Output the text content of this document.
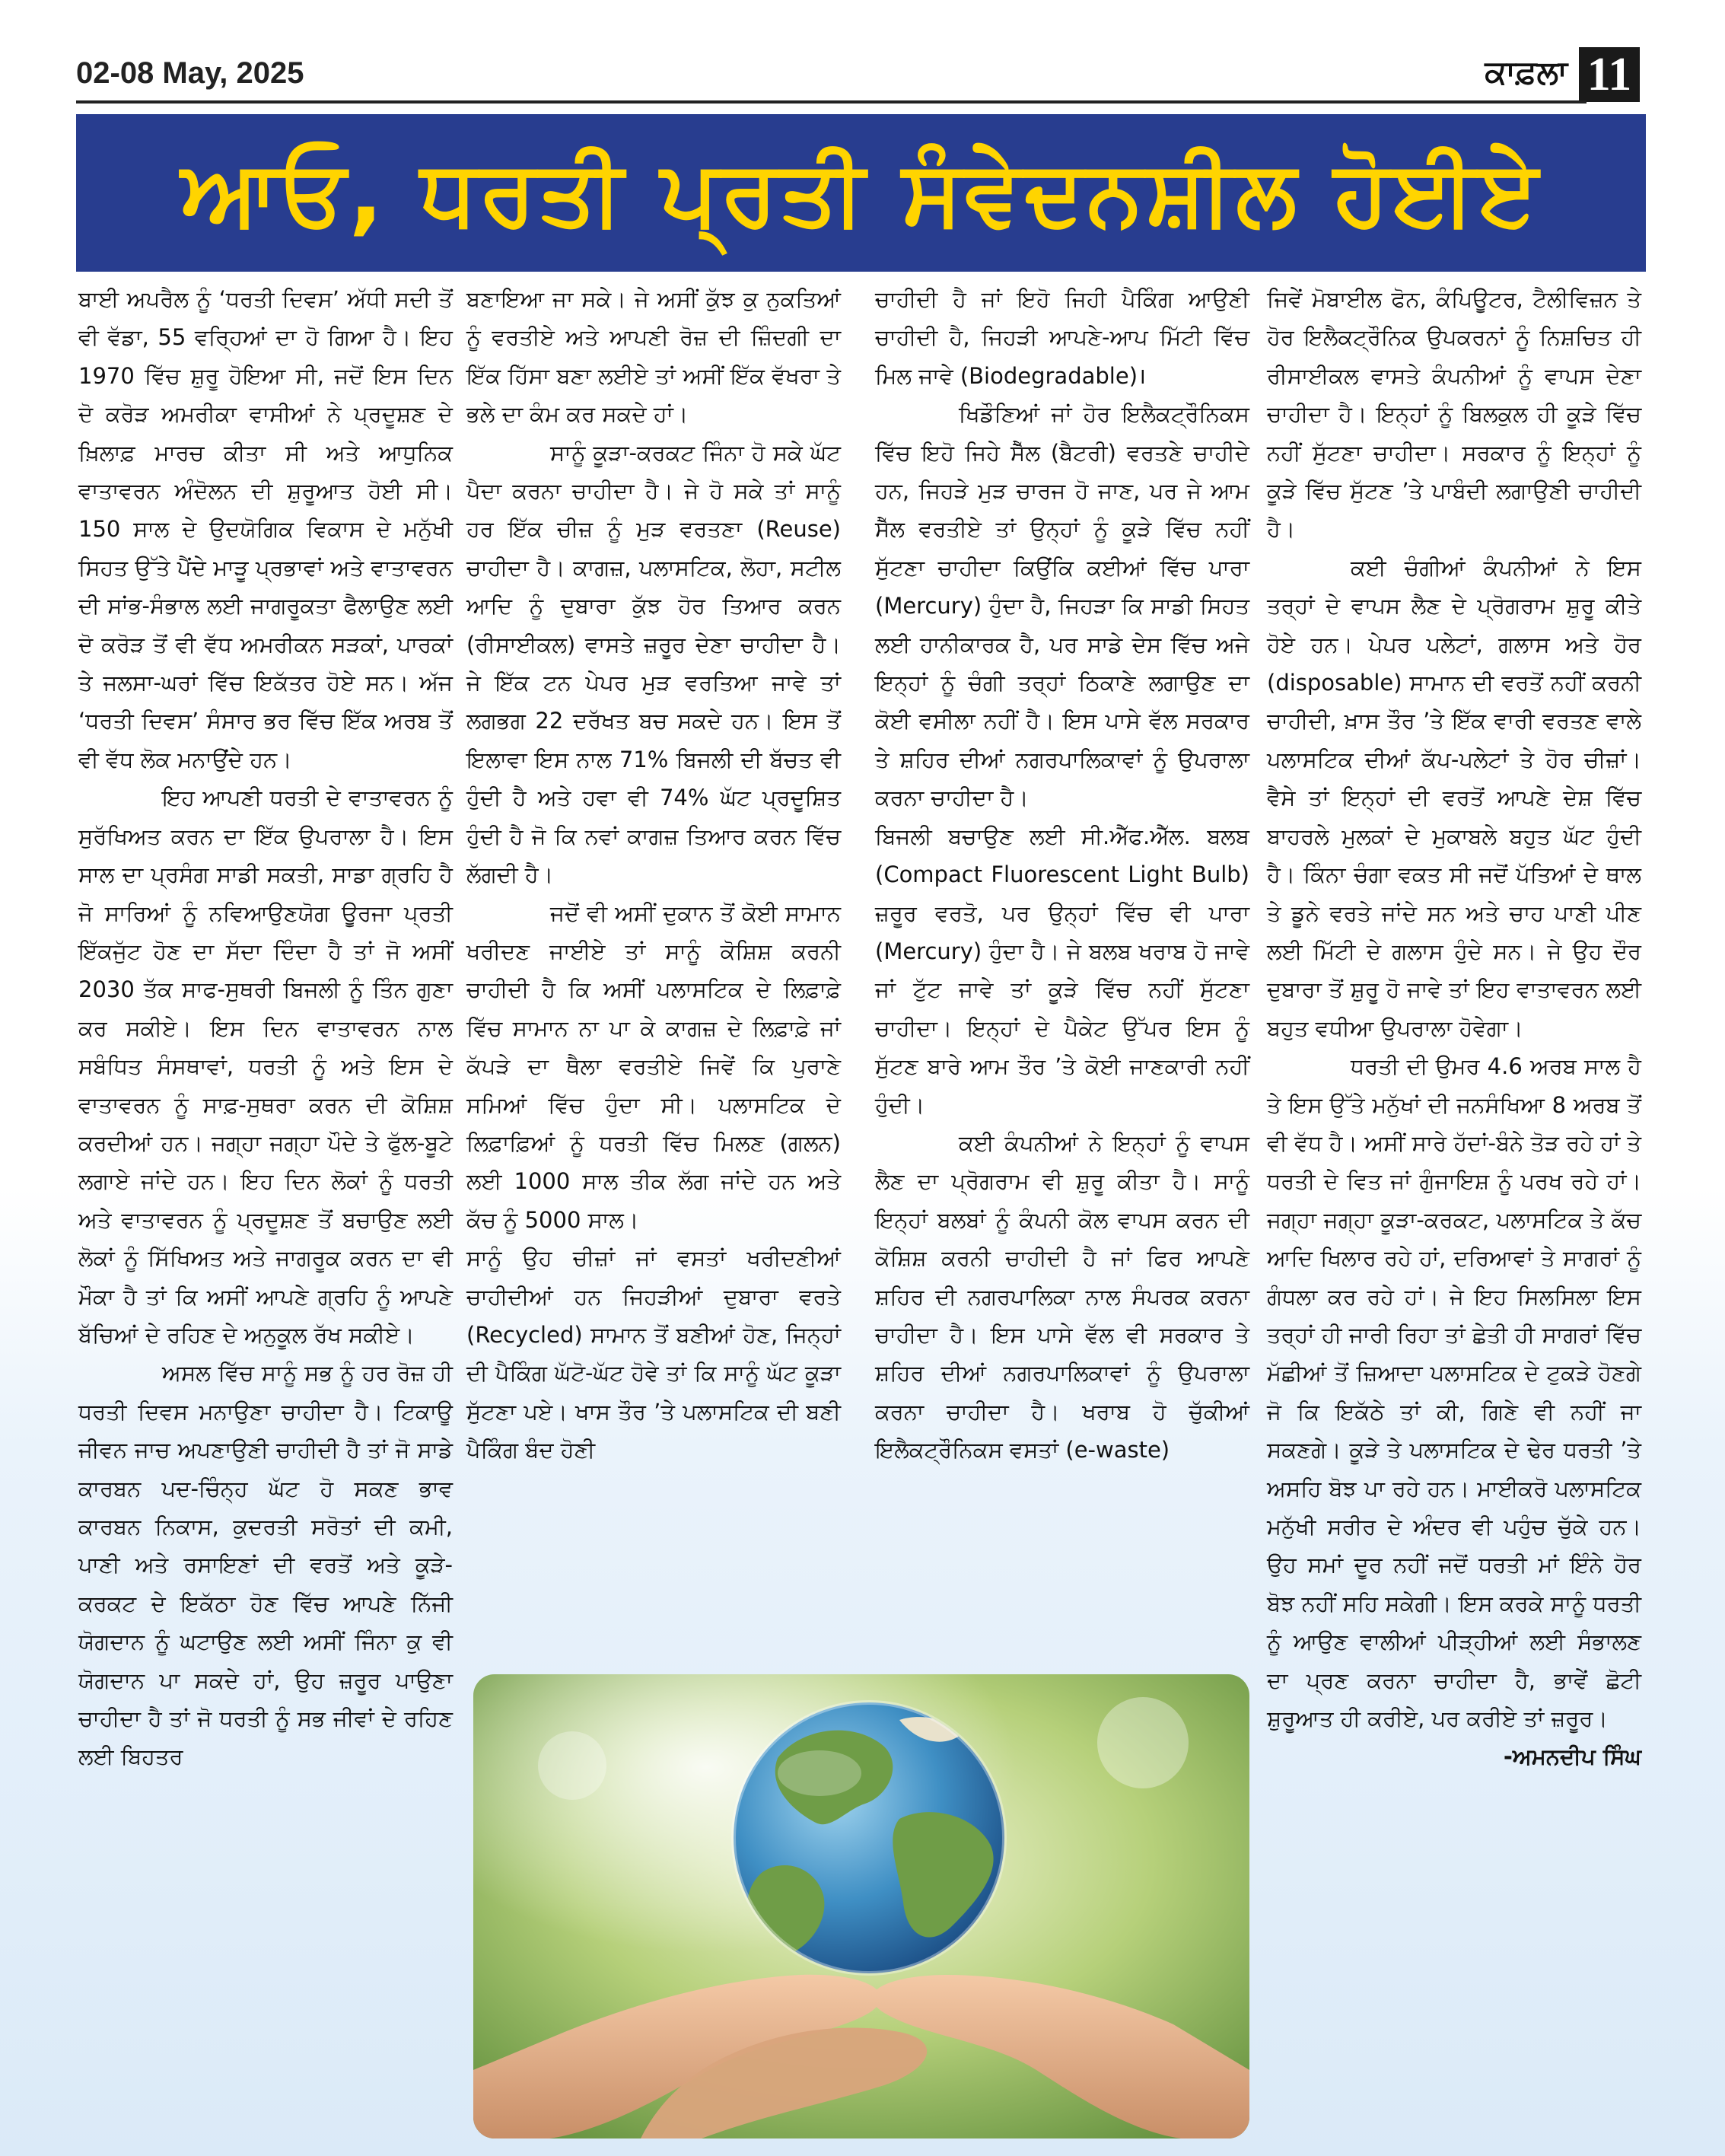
02-08 May, 2025	ਕਾਫ਼ਲਾ 11
ਆਓ, ਧਰਤੀ ਪ੍ਰਤੀ ਸੰਵੇਦਨਸ਼ੀਲ ਹੋਈਏ

ਬਾਈ ਅਪਰੈਲ ਨੂੰ ‘ਧਰਤੀ ਦਿਵਸ’ ਅੱਧੀ ਸਦੀ ਤੋਂ ਵੀ ਵੱਡਾ, 55 ਵਰ੍ਹਿਆਂ ਦਾ ਹੋ ਗਿਆ ਹੈ। ਇਹ 1970 ਵਿੱਚ ਸ਼ੁਰੂ ਹੋਇਆ ਸੀ, ਜਦੋਂ ਇਸ ਦਿਨ ਦੋ ਕਰੋੜ ਅਮਰੀਕਾ ਵਾਸੀਆਂ ਨੇ ਪ੍ਰਦੂਸ਼ਣ ਦੇ ਖ਼ਿਲਾਫ਼ ਮਾਰਚ ਕੀਤਾ ਸੀ ਅਤੇ ਆਧੁਨਿਕ ਵਾਤਾਵਰਨ ਅੰਦੋਲਨ ਦੀ ਸ਼ੁਰੂਆਤ ਹੋਈ ਸੀ। 150 ਸਾਲ ਦੇ ਉਦਯੋਗਿਕ ਵਿਕਾਸ ਦੇ ਮਨੁੱਖੀ ਸਿਹਤ ਉੱਤੇ ਪੈਂਦੇ ਮਾੜੂ ਪ੍ਰਭਾਵਾਂ ਅਤੇ ਵਾਤਾਵਰਨ ਦੀ ਸਾਂਭ-ਸੰਭਾਲ ਲਈ ਜਾਗਰੂਕਤਾ ਫੈਲਾਉਣ ਲਈ ਦੋ ਕਰੋੜ ਤੋਂ ਵੀ ਵੱਧ ਅਮਰੀਕਨ ਸੜਕਾਂ, ਪਾਰਕਾਂ ਤੇ ਜਲਸਾ-ਘਰਾਂ ਵਿੱਚ ਇਕੱਤਰ ਹੋਏ ਸਨ। ਅੱਜ ‘ਧਰਤੀ ਦਿਵਸ’ ਸੰਸਾਰ ਭਰ ਵਿੱਚ ਇੱਕ ਅਰਬ ਤੋਂ ਵੀ ਵੱਧ ਲੋਕ ਮਨਾਉਂਦੇ ਹਨ।

ਇਹ ਆਪਣੀ ਧਰਤੀ ਦੇ ਵਾਤਾਵਰਨ ਨੂੰ ਸੁਰੱਖਿਅਤ ਕਰਨ ਦਾ ਇੱਕ ਉਪਰਾਲਾ ਹੈ। ਇਸ ਸਾਲ ਦਾ ਪ੍ਰਸੰਗ ਸਾਡੀ ਸਕਤੀ, ਸਾਡਾ ਗ੍ਰਹਿ ਹੈ ਜੋ ਸਾਰਿਆਂ ਨੂੰ ਨਵਿਆਉਣਯੋਗ ਊਰਜਾ ਪ੍ਰਤੀ ਇੱਕਜੁੱਟ ਹੋਣ ਦਾ ਸੱਦਾ ਦਿੰਦਾ ਹੈ ਤਾਂ ਜੋ ਅਸੀਂ 2030 ਤੱਕ ਸਾਫ-ਸੁਥਰੀ ਬਿਜਲੀ ਨੂੰ ਤਿੰਨ ਗੁਣਾ ਕਰ ਸਕੀਏ। ਇਸ ਦਿਨ ਵਾਤਾਵਰਨ ਨਾਲ ਸਬੰਧਿਤ ਸੰਸਥਾਵਾਂ, ਧਰਤੀ ਨੂੰ ਅਤੇ ਇਸ ਦੇ ਵਾਤਾਵਰਨ ਨੂੰ ਸਾਫ਼-ਸੁਥਰਾ ਕਰਨ ਦੀ ਕੋਸ਼ਿਸ਼ ਕਰਦੀਆਂ ਹਨ। ਜਗ੍ਹਾ ਜਗ੍ਹਾ ਪੌਦੇ ਤੇ ਫੁੱਲ-ਬੂਟੇ ਲਗਾਏ ਜਾਂਦੇ ਹਨ। ਇਹ ਦਿਨ ਲੋਕਾਂ ਨੂੰ ਧਰਤੀ ਅਤੇ ਵਾਤਾਵਰਨ ਨੂੰ ਪ੍ਰਦੂਸ਼ਣ ਤੋਂ ਬਚਾਉਣ ਲਈ ਲੋਕਾਂ ਨੂੰ ਸਿੱਖਿਅਤ ਅਤੇ ਜਾਗਰੂਕ ਕਰਨ ਦਾ ਵੀ ਮੌਕਾ ਹੈ ਤਾਂ ਕਿ ਅਸੀਂ ਆਪਣੇ ਗ੍ਰਹਿ ਨੂੰ ਆਪਣੇ ਬੱਚਿਆਂ ਦੇ ਰਹਿਣ ਦੇ ਅਨੁਕੂਲ ਰੱਖ ਸਕੀਏ।

ਅਸਲ ਵਿੱਚ ਸਾਨੂੰ ਸਭ ਨੂੰ ਹਰ ਰੋਜ਼ ਹੀ ਧਰਤੀ ਦਿਵਸ ਮਨਾਉਣਾ ਚਾਹੀਦਾ ਹੈ। ਟਿਕਾਊ ਜੀਵਨ ਜਾਚ ਅਪਣਾਉਣੀ ਚਾਹੀਦੀ ਹੈ ਤਾਂ ਜੋ ਸਾਡੇ ਕਾਰਬਨ ਪਦ-ਚਿੰਨ੍ਹ ਘੱਟ ਹੋ ਸਕਣ ਭਾਵ ਕਾਰਬਨ ਨਿਕਾਸ, ਕੁਦਰਤੀ ਸਰੋਤਾਂ ਦੀ ਕਮੀ, ਪਾਣੀ ਅਤੇ ਰਸਾਇਣਾਂ ਦੀ ਵਰਤੋਂ ਅਤੇ ਕੂੜੇ-ਕਰਕਟ ਦੇ ਇਕੱਠਾ ਹੋਣ ਵਿੱਚ ਆਪਣੇ ਨਿੱਜੀ ਯੋਗਦਾਨ ਨੂੰ ਘਟਾਉਣ ਲਈ ਅਸੀਂ ਜਿੰਨਾ ਕੁ ਵੀ ਯੋਗਦਾਨ ਪਾ ਸਕਦੇ ਹਾਂ, ਉਹ ਜ਼ਰੂਰ ਪਾਉਣਾ ਚਾਹੀਦਾ ਹੈ ਤਾਂ ਜੋ ਧਰਤੀ ਨੂੰ ਸਭ ਜੀਵਾਂ ਦੇ ਰਹਿਣ ਲਈ ਬਿਹਤਰ

ਬਣਾਇਆ ਜਾ ਸਕੇ। ਜੇ ਅਸੀਂ ਕੁੱਝ ਕੁ ਨੁਕਤਿਆਂ ਨੂੰ ਵਰਤੀਏ ਅਤੇ ਆਪਣੀ ਰੋਜ਼ ਦੀ ਜ਼ਿੰਦਗੀ ਦਾ ਇੱਕ ਹਿੱਸਾ ਬਣਾ ਲਈਏ ਤਾਂ ਅਸੀਂ ਇੱਕ ਵੱਖਰਾ ਤੇ ਭਲੇ ਦਾ ਕੰਮ ਕਰ ਸਕਦੇ ਹਾਂ।

ਸਾਨੂੰ ਕੂੜਾ-ਕਰਕਟ ਜਿੰਨਾ ਹੋ ਸਕੇ ਘੱਟ ਪੈਦਾ ਕਰਨਾ ਚਾਹੀਦਾ ਹੈ। ਜੇ ਹੋ ਸਕੇ ਤਾਂ ਸਾਨੂੰ ਹਰ ਇੱਕ ਚੀਜ਼ ਨੂੰ ਮੁੜ ਵਰਤਣਾ (Reuse) ਚਾਹੀਦਾ ਹੈ। ਕਾਗਜ਼, ਪਲਾਸਟਿਕ, ਲੋਹਾ, ਸਟੀਲ ਆਦਿ ਨੂੰ ਦੁਬਾਰਾ ਕੁੱਝ ਹੋਰ ਤਿਆਰ ਕਰਨ (ਰੀਸਾਈਕਲ) ਵਾਸਤੇ ਜ਼ਰੂਰ ਦੇਣਾ ਚਾਹੀਦਾ ਹੈ। ਜੇ ਇੱਕ ਟਨ ਪੇਪਰ ਮੁੜ ਵਰਤਿਆ ਜਾਵੇ ਤਾਂ ਲਗਭਗ 22 ਦਰੱਖਤ ਬਚ ਸਕਦੇ ਹਨ। ਇਸ ਤੋਂ ਇਲਾਵਾ ਇਸ ਨਾਲ 71% ਬਿਜਲੀ ਦੀ ਬੱਚਤ ਵੀ ਹੁੰਦੀ ਹੈ ਅਤੇ ਹਵਾ ਵੀ 74% ਘੱਟ ਪ੍ਰਦੂਸ਼ਿਤ ਹੁੰਦੀ ਹੈ ਜੋ ਕਿ ਨਵਾਂ ਕਾਗਜ਼ ਤਿਆਰ ਕਰਨ ਵਿੱਚ ਲੱਗਦੀ ਹੈ।

ਜਦੋਂ ਵੀ ਅਸੀਂ ਦੁਕਾਨ ਤੋਂ ਕੋਈ ਸਾਮਾਨ ਖਰੀਦਣ ਜਾਈਏ ਤਾਂ ਸਾਨੂੰ ਕੋਸ਼ਿਸ਼ ਕਰਨੀ ਚਾਹੀਦੀ ਹੈ ਕਿ ਅਸੀਂ ਪਲਾਸਟਿਕ ਦੇ ਲਿਫ਼ਾਫ਼ੇ ਵਿੱਚ ਸਾਮਾਨ ਨਾ ਪਾ ਕੇ ਕਾਗਜ਼ ਦੇ ਲਿਫ਼ਾਫ਼ੇ ਜਾਂ ਕੱਪੜੇ ਦਾ ਥੈਲਾ ਵਰਤੀਏ ਜਿਵੇਂ ਕਿ ਪੁਰਾਣੇ ਸਮਿਆਂ ਵਿੱਚ ਹੁੰਦਾ ਸੀ। ਪਲਾਸਟਿਕ ਦੇ ਲਿਫ਼ਾਫ਼ਿਆਂ ਨੂੰ ਧਰਤੀ ਵਿੱਚ ਮਿਲਣ (ਗਲਨ) ਲਈ 1000 ਸਾਲ ਤੀਕ ਲੱਗ ਜਾਂਦੇ ਹਨ ਅਤੇ ਕੱਚ ਨੂੰ 5000 ਸਾਲ।

ਸਾਨੂੰ ਉਹ ਚੀਜ਼ਾਂ ਜਾਂ ਵਸਤਾਂ ਖਰੀਦਣੀਆਂ ਚਾਹੀਦੀਆਂ ਹਨ ਜਿਹੜੀਆਂ ਦੁਬਾਰਾ ਵਰਤੇ (Recycled) ਸਾਮਾਨ ਤੋਂ ਬਣੀਆਂ ਹੋਣ, ਜਿਨ੍ਹਾਂ ਦੀ ਪੈਕਿੰਗ ਘੱਟੋ-ਘੱਟ ਹੋਵੇ ਤਾਂ ਕਿ ਸਾਨੂੰ ਘੱਟ ਕੂੜਾ ਸੁੱਟਣਾ ਪਏ। ਖਾਸ ਤੌਰ ’ਤੇ ਪਲਾਸਟਿਕ ਦੀ ਬਣੀ ਪੈਕਿੰਗ ਬੰਦ ਹੋਣੀ

ਚਾਹੀਦੀ ਹੈ ਜਾਂ ਇਹੋ ਜਿਹੀ ਪੈਕਿੰਗ ਆਉਣੀ ਚਾਹੀਦੀ ਹੈ, ਜਿਹੜੀ ਆਪਣੇ-ਆਪ ਮਿੱਟੀ ਵਿੱਚ ਮਿਲ ਜਾਵੇ (Biodegradable)।

ਖਿਡੌਣਿਆਂ ਜਾਂ ਹੋਰ ਇਲੈਕਟ੍ਰੌਨਿਕਸ ਵਿੱਚ ਇਹੋ ਜਿਹੇ ਸੈੱਲ (ਬੈਟਰੀ) ਵਰਤਣੇ ਚਾਹੀਦੇ ਹਨ, ਜਿਹੜੇ ਮੁੜ ਚਾਰਜ ਹੋ ਜਾਣ, ਪਰ ਜੇ ਆਮ ਸੈੱਲ ਵਰਤੀਏ ਤਾਂ ਉਨ੍ਹਾਂ ਨੂੰ ਕੂੜੇ ਵਿੱਚ ਨਹੀਂ ਸੁੱਟਣਾ ਚਾਹੀਦਾ ਕਿਉਂਕਿ ਕਈਆਂ ਵਿੱਚ ਪਾਰਾ (Mercury) ਹੁੰਦਾ ਹੈ, ਜਿਹੜਾ ਕਿ ਸਾਡੀ ਸਿਹਤ ਲਈ ਹਾਨੀਕਾਰਕ ਹੈ, ਪਰ ਸਾਡੇ ਦੇਸ ਵਿੱਚ ਅਜੇ ਇਨ੍ਹਾਂ ਨੂੰ ਚੰਗੀ ਤਰ੍ਹਾਂ ਠਿਕਾਣੇ ਲਗਾਉਣ ਦਾ ਕੋਈ ਵਸੀਲਾ ਨਹੀਂ ਹੈ। ਇਸ ਪਾਸੇ ਵੱਲ ਸਰਕਾਰ ਤੇ ਸ਼ਹਿਰ ਦੀਆਂ ਨਗਰਪਾਲਿਕਾਵਾਂ ਨੂੰ ਉਪਰਾਲਾ ਕਰਨਾ ਚਾਹੀਦਾ ਹੈ।

ਬਿਜਲੀ ਬਚਾਉਣ ਲਈ ਸੀ.ਐੱਫ.ਐੱਲ. ਬਲਬ (Compact Fluorescent Light Bulb) ਜ਼ਰੂਰ ਵਰਤੋ, ਪਰ ਉਨ੍ਹਾਂ ਵਿੱਚ ਵੀ ਪਾਰਾ (Mercury) ਹੁੰਦਾ ਹੈ। ਜੇ ਬਲਬ ਖਰਾਬ ਹੋ ਜਾਵੇ ਜਾਂ ਟੁੱਟ ਜਾਵੇ ਤਾਂ ਕੂੜੇ ਵਿੱਚ ਨਹੀਂ ਸੁੱਟਣਾ ਚਾਹੀਦਾ। ਇਨ੍ਹਾਂ ਦੇ ਪੈਕੇਟ ਉੱਪਰ ਇਸ ਨੂੰ ਸੁੱਟਣ ਬਾਰੇ ਆਮ ਤੌਰ ’ਤੇ ਕੋਈ ਜਾਣਕਾਰੀ ਨਹੀਂ ਹੁੰਦੀ।

ਕਈ ਕੰਪਨੀਆਂ ਨੇ ਇਨ੍ਹਾਂ ਨੂੰ ਵਾਪਸ ਲੈਣ ਦਾ ਪ੍ਰੋਗਰਾਮ ਵੀ ਸ਼ੁਰੂ ਕੀਤਾ ਹੈ। ਸਾਨੂੰ ਇਨ੍ਹਾਂ ਬਲਬਾਂ ਨੂੰ ਕੰਪਨੀ ਕੋਲ ਵਾਪਸ ਕਰਨ ਦੀ ਕੋਸ਼ਿਸ਼ ਕਰਨੀ ਚਾਹੀਦੀ ਹੈ ਜਾਂ ਫਿਰ ਆਪਣੇ ਸ਼ਹਿਰ ਦੀ ਨਗਰਪਾਲਿਕਾ ਨਾਲ ਸੰਪਰਕ ਕਰਨਾ ਚਾਹੀਦਾ ਹੈ। ਇਸ ਪਾਸੇ ਵੱਲ ਵੀ ਸਰਕਾਰ ਤੇ ਸ਼ਹਿਰ ਦੀਆਂ ਨਗਰਪਾਲਿਕਾਵਾਂ ਨੂੰ ਉਪਰਾਲਾ ਕਰਨਾ ਚਾਹੀਦਾ ਹੈ। ਖਰਾਬ ਹੋ ਚੁੱਕੀਆਂ ਇਲੈਕਟ੍ਰੌਨਿਕਸ ਵਸਤਾਂ (e-waste)

ਜਿਵੇਂ ਮੋਬਾਈਲ ਫੋਨ, ਕੰਪਿਊਟਰ, ਟੈਲੀਵਿਜ਼ਨ ਤੇ ਹੋਰ ਇਲੈਕਟ੍ਰੌਨਿਕ ਉਪਕਰਨਾਂ ਨੂੰ ਨਿਸ਼ਚਿਤ ਹੀ ਰੀਸਾਈਕਲ ਵਾਸਤੇ ਕੰਪਨੀਆਂ ਨੂੰ ਵਾਪਸ ਦੇਣਾ ਚਾਹੀਦਾ ਹੈ। ਇਨ੍ਹਾਂ ਨੂੰ ਬਿਲਕੁਲ ਹੀ ਕੂੜੇ ਵਿੱਚ ਨਹੀਂ ਸੁੱਟਣਾ ਚਾਹੀਦਾ। ਸਰਕਾਰ ਨੂੰ ਇਨ੍ਹਾਂ ਨੂੰ ਕੂੜੇ ਵਿੱਚ ਸੁੱਟਣ ’ਤੇ ਪਾਬੰਦੀ ਲਗਾਉਣੀ ਚਾਹੀਦੀ ਹੈ।

ਕਈ ਚੰਗੀਆਂ ਕੰਪਨੀਆਂ ਨੇ ਇਸ ਤਰ੍ਹਾਂ ਦੇ ਵਾਪਸ ਲੈਣ ਦੇ ਪ੍ਰੋਗਰਾਮ ਸ਼ੁਰੂ ਕੀਤੇ ਹੋਏ ਹਨ। ਪੇਪਰ ਪਲੇਟਾਂ, ਗਲਾਸ ਅਤੇ ਹੋਰ (disposable) ਸਾਮਾਨ ਦੀ ਵਰਤੋਂ ਨਹੀਂ ਕਰਨੀ ਚਾਹੀਦੀ, ਖ਼ਾਸ ਤੌਰ ’ਤੇ ਇੱਕ ਵਾਰੀ ਵਰਤਣ ਵਾਲੇ ਪਲਾਸਟਿਕ ਦੀਆਂ ਕੱਪ-ਪਲੇਟਾਂ ਤੇ ਹੋਰ ਚੀਜ਼ਾਂ। ਵੈਸੇ ਤਾਂ ਇਨ੍ਹਾਂ ਦੀ ਵਰਤੋਂ ਆਪਣੇ ਦੇਸ਼ ਵਿੱਚ ਬਾਹਰਲੇ ਮੁਲਕਾਂ ਦੇ ਮੁਕਾਬਲੇ ਬਹੁਤ ਘੱਟ ਹੁੰਦੀ ਹੈ। ਕਿੰਨਾ ਚੰਗਾ ਵਕਤ ਸੀ ਜਦੋਂ ਪੱਤਿਆਂ ਦੇ ਥਾਲ ਤੇ ਡੂਨੇ ਵਰਤੇ ਜਾਂਦੇ ਸਨ ਅਤੇ ਚਾਹ ਪਾਣੀ ਪੀਣ ਲਈ ਮਿੱਟੀ ਦੇ ਗਲਾਸ ਹੁੰਦੇ ਸਨ। ਜੇ ਉਹ ਦੌਰ ਦੁਬਾਰਾ ਤੋਂ ਸ਼ੁਰੂ ਹੋ ਜਾਵੇ ਤਾਂ ਇਹ ਵਾਤਾਵਰਨ ਲਈ ਬਹੁਤ ਵਧੀਆ ਉਪਰਾਲਾ ਹੋਵੇਗਾ।

ਧਰਤੀ ਦੀ ਉਮਰ 4.6 ਅਰਬ ਸਾਲ ਹੈ ਤੇ ਇਸ ਉੱਤੇ ਮਨੁੱਖਾਂ ਦੀ ਜਨਸੰਖਿਆ 8 ਅਰਬ ਤੋਂ ਵੀ ਵੱਧ ਹੈ। ਅਸੀਂ ਸਾਰੇ ਹੱਦਾਂ-ਬੰਨੇ ਤੋੜ ਰਹੇ ਹਾਂ ਤੇ ਧਰਤੀ ਦੇ ਵਿਤ ਜਾਂ ਗੁੰਜਾਇਸ਼ ਨੂੰ ਪਰਖ ਰਹੇ ਹਾਂ। ਜਗ੍ਹਾ ਜਗ੍ਹਾ ਕੂੜਾ-ਕਰਕਟ, ਪਲਾਸਟਿਕ ਤੇ ਕੱਚ ਆਦਿ ਖਿਲਾਰ ਰਹੇ ਹਾਂ, ਦਰਿਆਵਾਂ ਤੇ ਸਾਗਰਾਂ ਨੂੰ ਗੰਧਲਾ ਕਰ ਰਹੇ ਹਾਂ। ਜੇ ਇਹ ਸਿਲਸਿਲਾ ਇਸ ਤਰ੍ਹਾਂ ਹੀ ਜਾਰੀ ਰਿਹਾ ਤਾਂ ਛੇਤੀ ਹੀ ਸਾਗਰਾਂ ਵਿੱਚ ਮੱਛੀਆਂ ਤੋਂ ਜ਼ਿਆਦਾ ਪਲਾਸਟਿਕ ਦੇ ਟੁਕੜੇ ਹੋਣਗੇ ਜੋ ਕਿ ਇਕੱਠੇ ਤਾਂ ਕੀ, ਗਿਣੇ ਵੀ ਨਹੀਂ ਜਾ ਸਕਣਗੇ। ਕੂੜੇ ਤੇ ਪਲਾਸਟਿਕ ਦੇ ਢੇਰ ਧਰਤੀ ’ਤੇ ਅਸਹਿ ਬੋਝ ਪਾ ਰਹੇ ਹਨ। ਮਾਈਕਰੋ ਪਲਾਸਟਿਕ ਮਨੁੱਖੀ ਸਰੀਰ ਦੇ ਅੰਦਰ ਵੀ ਪਹੁੰਚ ਚੁੱਕੇ ਹਨ। ਉਹ ਸਮਾਂ ਦੂਰ ਨਹੀਂ ਜਦੋਂ ਧਰਤੀ ਮਾਂ ਇੰਨੇ ਹੋਰ ਬੋਝ ਨਹੀਂ ਸਹਿ ਸਕੇਗੀ। ਇਸ ਕਰਕੇ ਸਾਨੂੰ ਧਰਤੀ ਨੂੰ ਆਉਣ ਵਾਲੀਆਂ ਪੀੜ੍ਹੀਆਂ ਲਈ ਸੰਭਾਲਣ ਦਾ ਪ੍ਰਣ ਕਰਨਾ ਚਾਹੀਦਾ ਹੈ, ਭਾਵੇਂ ਛੋਟੀ ਸ਼ੁਰੂਆਤ ਹੀ ਕਰੀਏ, ਪਰ ਕਰੀਏ ਤਾਂ ਜ਼ਰੂਰ।

-ਅਮਨਦੀਪ ਸਿੰਘ
